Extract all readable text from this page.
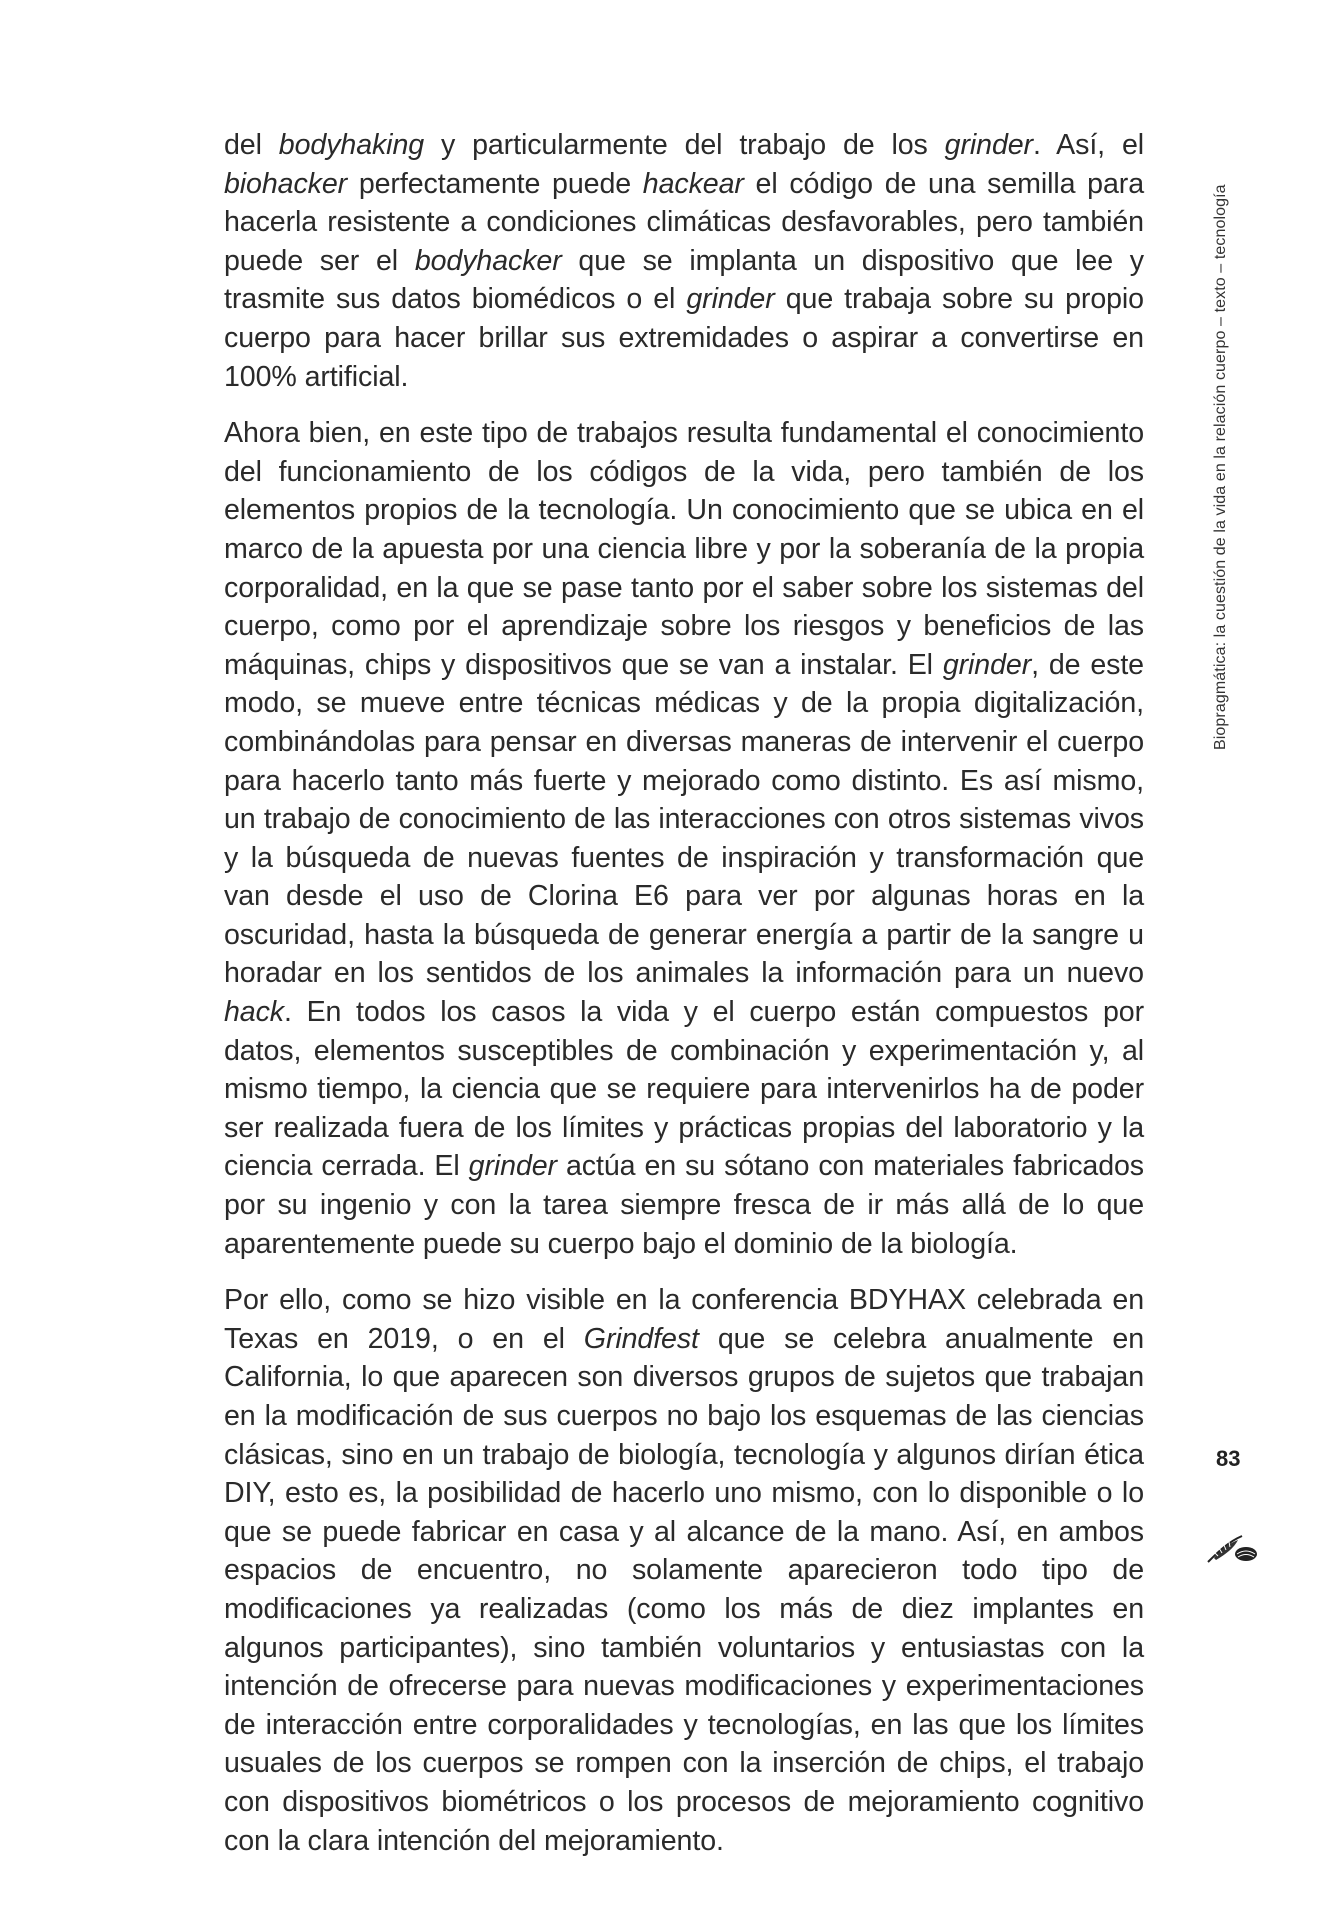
del bodyhaking y particularmente del trabajo de los grinder. Así, el biohacker perfectamente puede hackear el código de una semilla para hacerla resistente a condiciones climáticas desfavorables, pero también puede ser el bodyhacker que se implanta un dispositivo que lee y trasmite sus datos biomédicos o el grinder que trabaja sobre su propio cuerpo para hacer brillar sus extremidades o aspirar a convertirse en 100% artificial.

Ahora bien, en este tipo de trabajos resulta fundamental el conocimiento del funcionamiento de los códigos de la vida, pero también de los elementos propios de la tecnología. Un conocimiento que se ubica en el marco de la apuesta por una ciencia libre y por la soberanía de la propia corporalidad, en la que se pase tanto por el saber sobre los sistemas del cuerpo, como por el aprendizaje sobre los riesgos y beneficios de las máquinas, chips y dispositivos que se van a instalar. El grinder, de este modo, se mueve entre técnicas médicas y de la propia digitalización, combinándolas para pensar en diversas maneras de intervenir el cuerpo para hacerlo tanto más fuerte y mejorado como distinto. Es así mismo, un trabajo de conocimiento de las interacciones con otros sistemas vivos y la búsqueda de nuevas fuentes de inspiración y transformación que van desde el uso de Clorina E6 para ver por algunas horas en la oscuridad, hasta la búsqueda de generar energía a partir de la sangre u horadar en los sentidos de los animales la información para un nuevo hack. En todos los casos la vida y el cuerpo están compuestos por datos, elementos susceptibles de combinación y experimentación y, al mismo tiempo, la ciencia que se requiere para intervenirlos ha de poder ser realizada fuera de los límites y prácticas propias del laboratorio y la ciencia cerrada. El grinder actúa en su sótano con materiales fabricados por su ingenio y con la tarea siempre fresca de ir más allá de lo que aparentemente puede su cuerpo bajo el dominio de la biología.

Por ello, como se hizo visible en la conferencia BDYHAX celebrada en Texas en 2019, o en el Grindfest que se celebra anualmente en California, lo que aparecen son diversos grupos de sujetos que trabajan en la modificación de sus cuerpos no bajo los esquemas de las ciencias clásicas, sino en un trabajo de biología, tecnología y algunos dirían ética DIY, esto es, la posibilidad de hacerlo uno mismo, con lo disponible o lo que se puede fabricar en casa y al alcance de la mano. Así, en ambos espacios de encuentro, no solamente aparecieron todo tipo de modificaciones ya realizadas (como los más de diez implantes en algunos participantes), sino también voluntarios y entusiastas con la intención de ofrecerse para nuevas modificaciones y experimentaciones de interacción entre corporalidades y tecnologías, en las que los límites usuales de los cuerpos se rompen con la inserción de chips, el trabajo con dispositivos biométricos o los procesos de mejoramiento cognitivo con la clara intención del mejoramiento.

Biopragmática: la cuestión de la vida en la relación cuerpo – texto – tecnología
83
